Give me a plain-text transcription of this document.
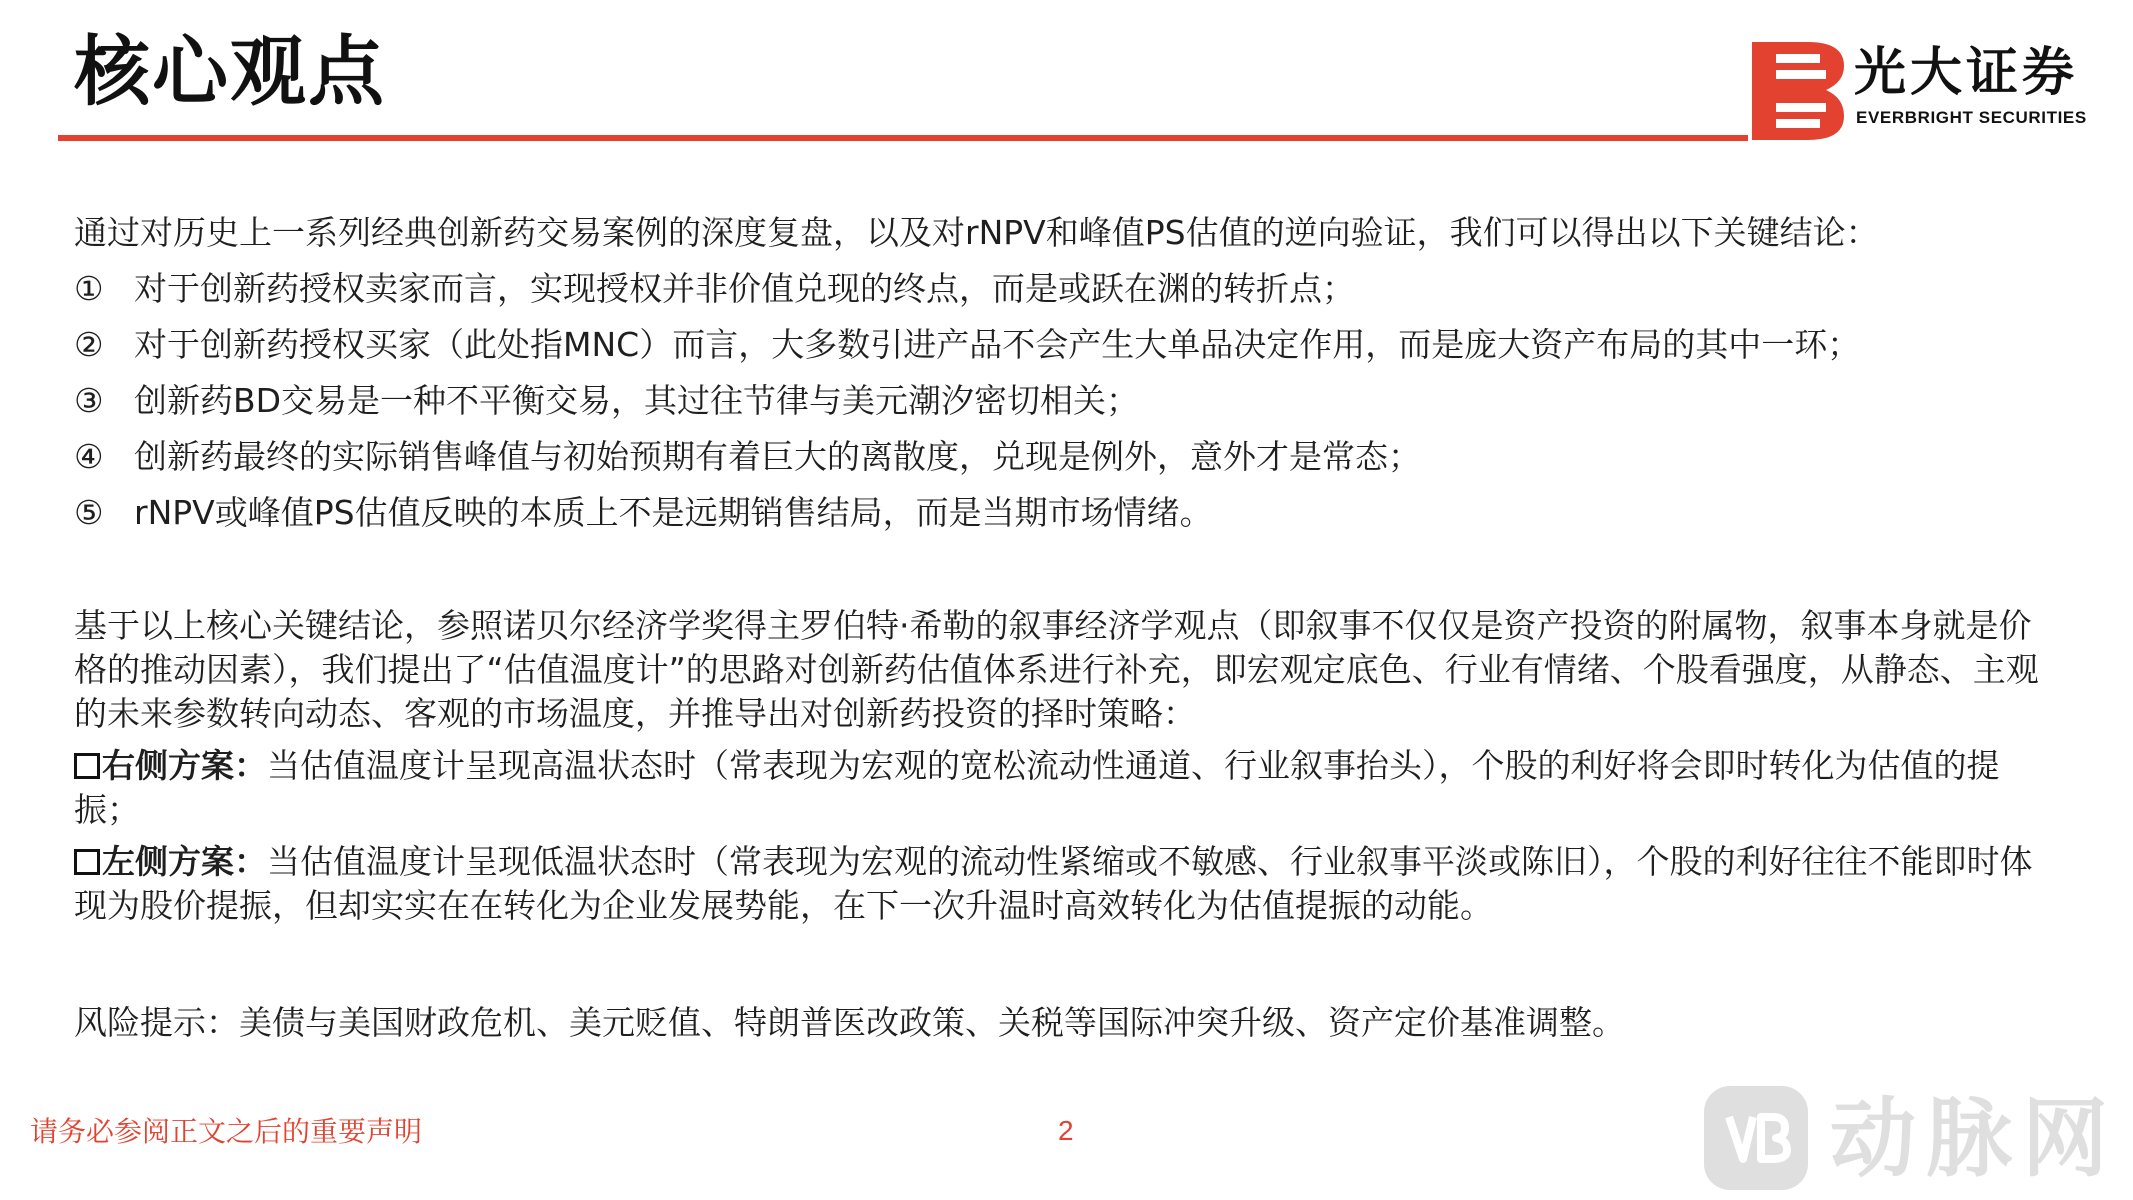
核心观点	光大证券
EVERBRIGHT SECURITIES
通过对历史上一系列经典创新药交易案例的深度复盘，以及对rNPV和峰值PS估值的逆向验证，我们可以得出以下关键结论：
① 对于创新药授权卖家而言，实现授权并非价值兑现的终点，而是或跃在渊的转折点；
② 对于创新药授权买家（此处指MNC）而言，大多数引进产品不会产生大单品决定作用，而是庞大资产布局的其中一环；
③ 创新药BD交易是一种不平衡交易，其过往节律与美元潮汐密切相关；
④ 创新药最终的实际销售峰值与初始预期有着巨大的离散度，兑现是例外，意外才是常态；
⑤ rNPV或峰值PS估值反映的本质上不是远期销售结局，而是当期市场情绪。
基于以上核心关键结论，参照诺贝尔经济学奖得主罗伯特·希勒的叙事经济学观点（即叙事不仅仅是资产投资的附属物，叙事本身就是价格的推动因素），我们提出了“估值温度计”的思路对创新药估值体系进行补充，即宏观定底色、行业有情绪、个股看强度，从静态、主观的未来参数转向动态、客观的市场温度，并推导出对创新药投资的择时策略：
右侧方案：当估值温度计呈现高温状态时（常表现为宏观的宽松流动性通道、行业叙事抬头），个股的利好将会即时转化为估值的提振；
左侧方案：当估值温度计呈现低温状态时（常表现为宏观的流动性紧缩或不敏感、行业叙事平淡或陈旧），个股的利好往往不能即时体现为股价提振，但却实实在在转化为企业发展势能，在下一次升温时高效转化为估值提振的动能。
风险提示：美债与美国财政危机、美元贬值、特朗普医改政策、关税等国际冲突升级、资产定价基准调整。
请务必参阅正文之后的重要声明	2	动脉网
